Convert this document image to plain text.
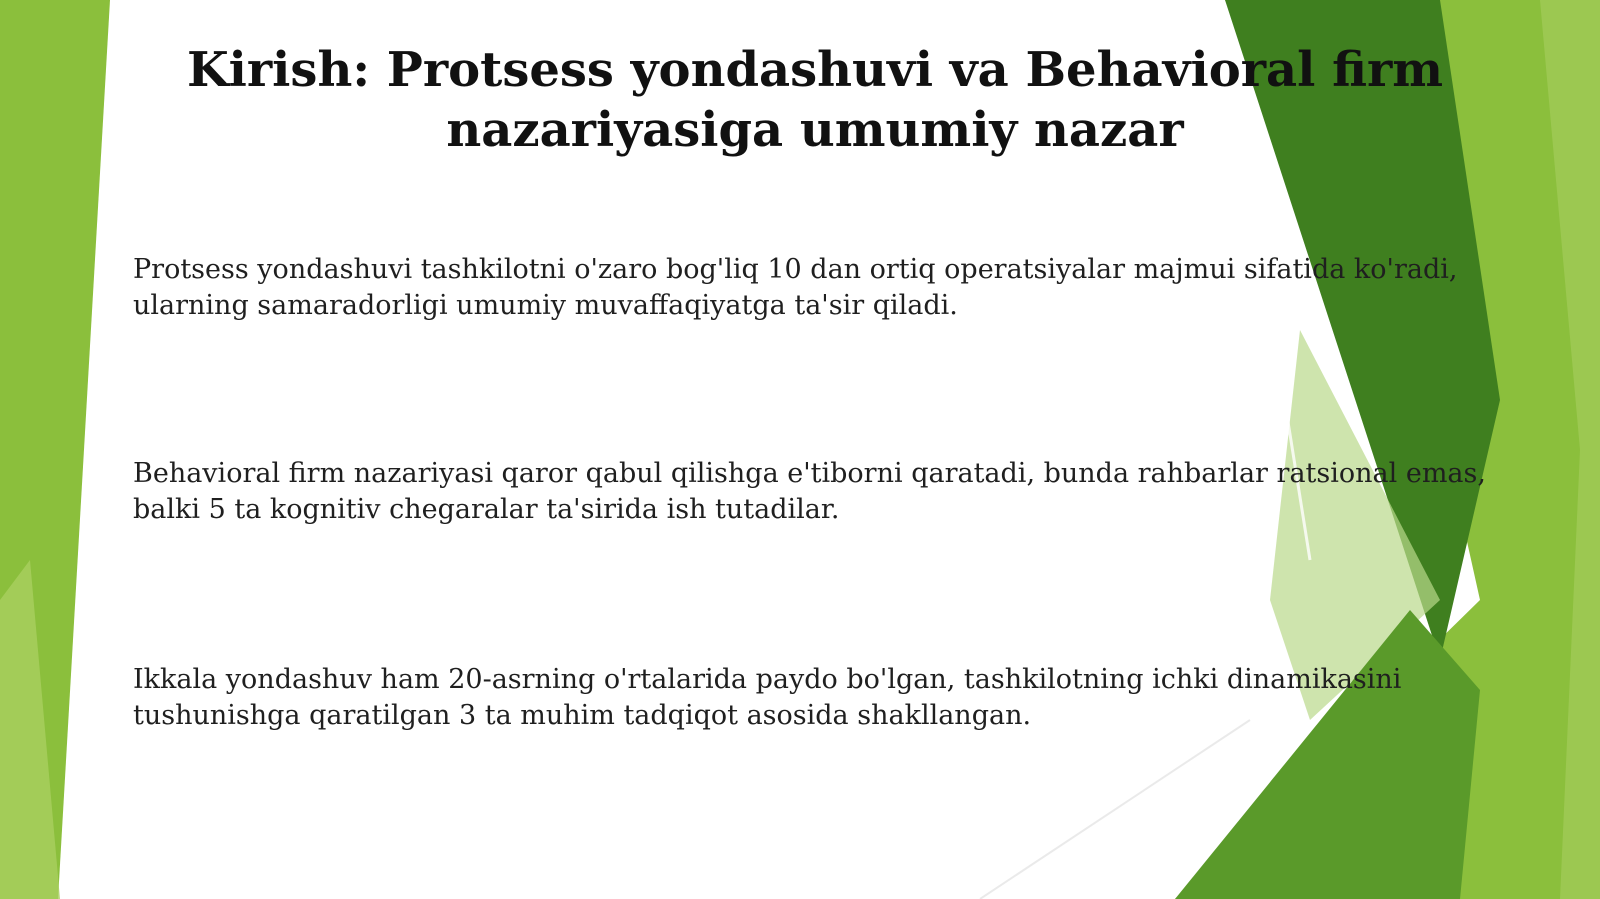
Kirish: Protsess yondashuvi va Behavioral firm nazariyasiga umumiy nazar

Protsess yondashuvi tashkilotni o'zaro bog'liq 10 dan ortiq operatsiyalar majmui sifatida ko'radi, ularning samaradorligi umumiy muvaffaqiyatga ta'sir qiladi.

Behavioral firm nazariyasi qaror qabul qilishga e'tiborni qaratadi, bunda rahbarlar ratsional emas, balki 5 ta kognitiv chegaralar ta'sirida ish tutadilar.

Ikkala yondashuv ham 20-asrning o'rtalarida paydo bo'lgan, tashkilotning ichki dinamikasini tushunishga qaratilgan 3 ta muhim tadqiqot asosida shakllangan.
